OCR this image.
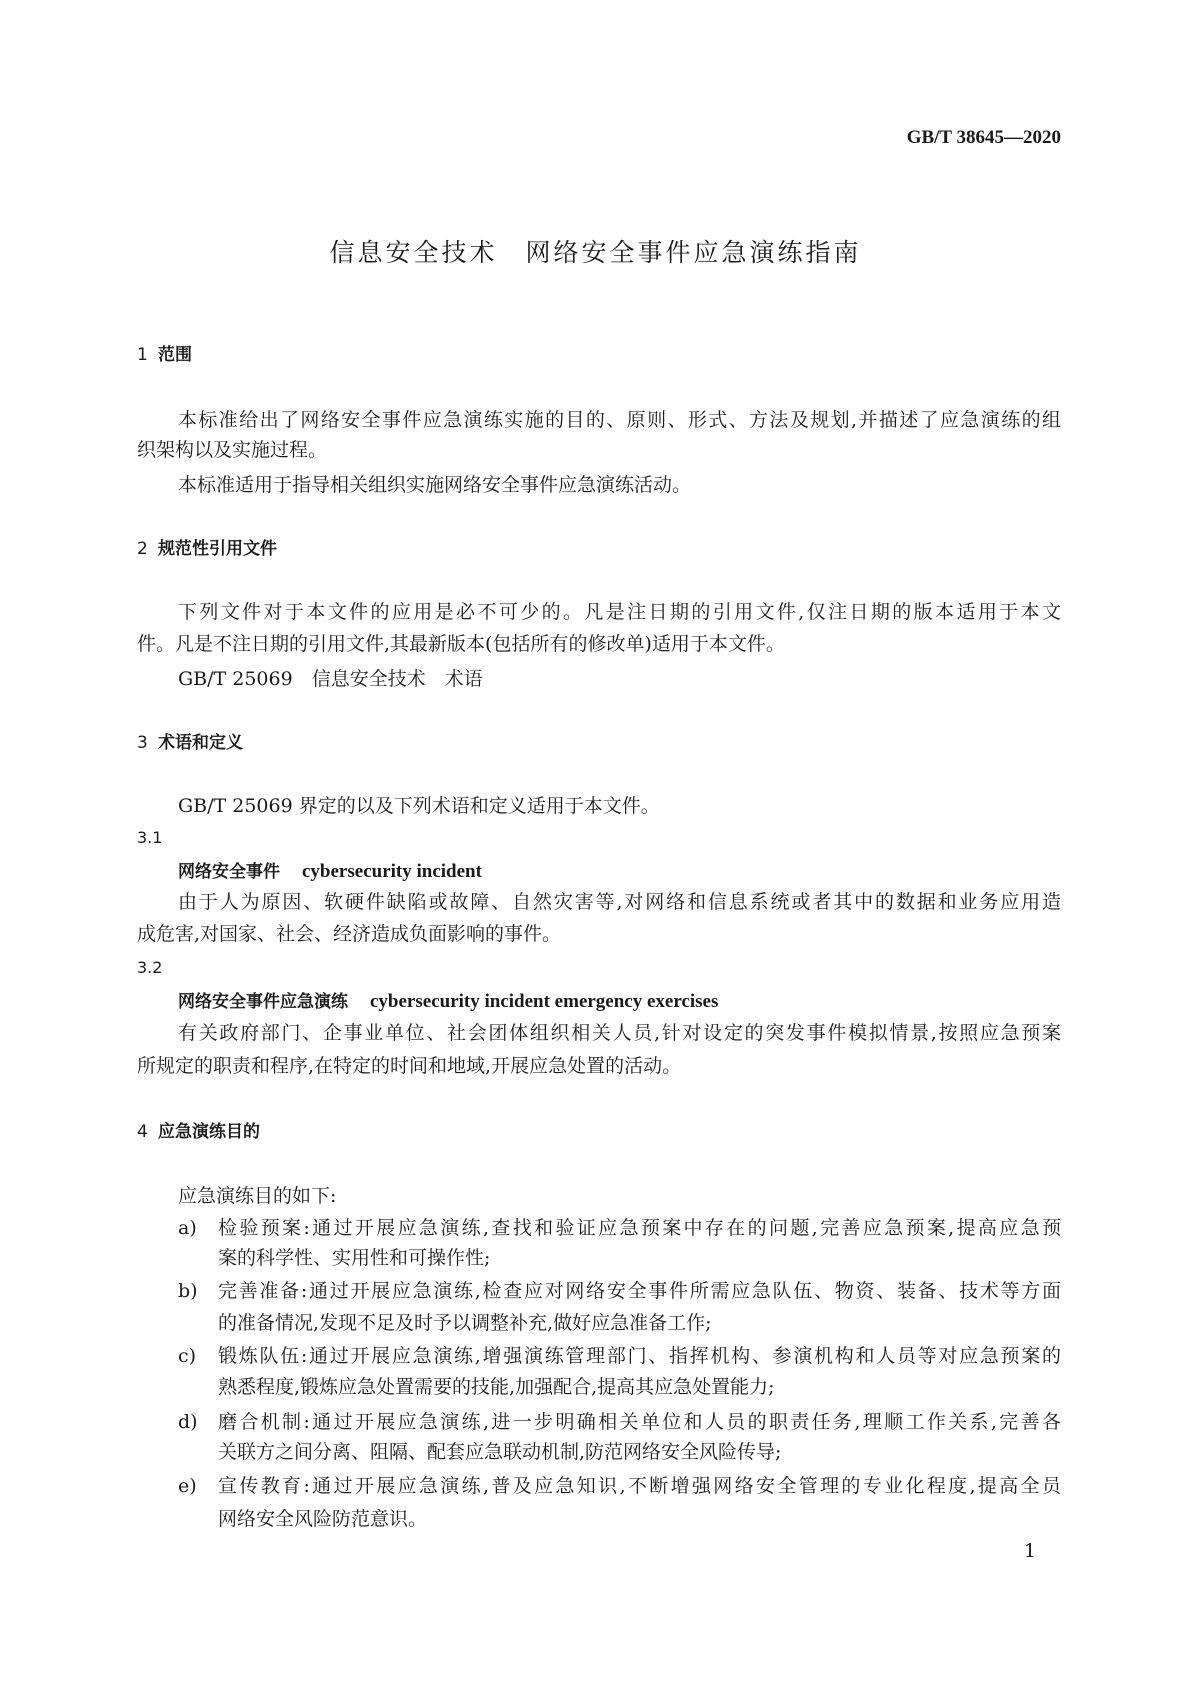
GB/T 38645—2020
信息安全技术　网络安全事件应急演练指南
1 范围
本标准给出了网络安全事件应急演练实施的目的、原则、形式、方法及规划,并描述了应急演练的组
织架构以及实施过程。
本标准适用于指导相关组织实施网络安全事件应急演练活动。
2 规范性引用文件
下列文件对于本文件的应用是必不可少的。凡是注日期的引用文件,仅注日期的版本适用于本文
件。凡是不注日期的引用文件,其最新版本(包括所有的修改单)适用于本文件。
GB/T 25069　信息安全技术　术语
3 术语和定义
GB/T 25069 界定的以及下列术语和定义适用于本文件。
3.1
网络安全事件 cybersecurity incident
由于人为原因、软硬件缺陷或故障、自然灾害等,对网络和信息系统或者其中的数据和业务应用造
成危害,对国家、社会、经济造成负面影响的事件。
3.2
网络安全事件应急演练 cybersecurity incident emergency exercises
有关政府部门、企事业单位、社会团体组织相关人员,针对设定的突发事件模拟情景,按照应急预案
所规定的职责和程序,在特定的时间和地域,开展应急处置的活动。
4 应急演练目的
应急演练目的如下:
a) 检验预案:通过开展应急演练,查找和验证应急预案中存在的问题,完善应急预案,提高应急预
案的科学性、实用性和可操作性;
b) 完善准备:通过开展应急演练,检查应对网络安全事件所需应急队伍、物资、装备、技术等方面
的准备情况,发现不足及时予以调整补充,做好应急准备工作;
c) 锻炼队伍:通过开展应急演练,增强演练管理部门、指挥机构、参演机构和人员等对应急预案的
熟悉程度,锻炼应急处置需要的技能,加强配合,提高其应急处置能力;
d) 磨合机制:通过开展应急演练,进一步明确相关单位和人员的职责任务,理顺工作关系,完善各
关联方之间分离、阻隔、配套应急联动机制,防范网络安全风险传导;
e) 宣传教育:通过开展应急演练,普及应急知识,不断增强网络安全管理的专业化程度,提高全员
网络安全风险防范意识。
1
